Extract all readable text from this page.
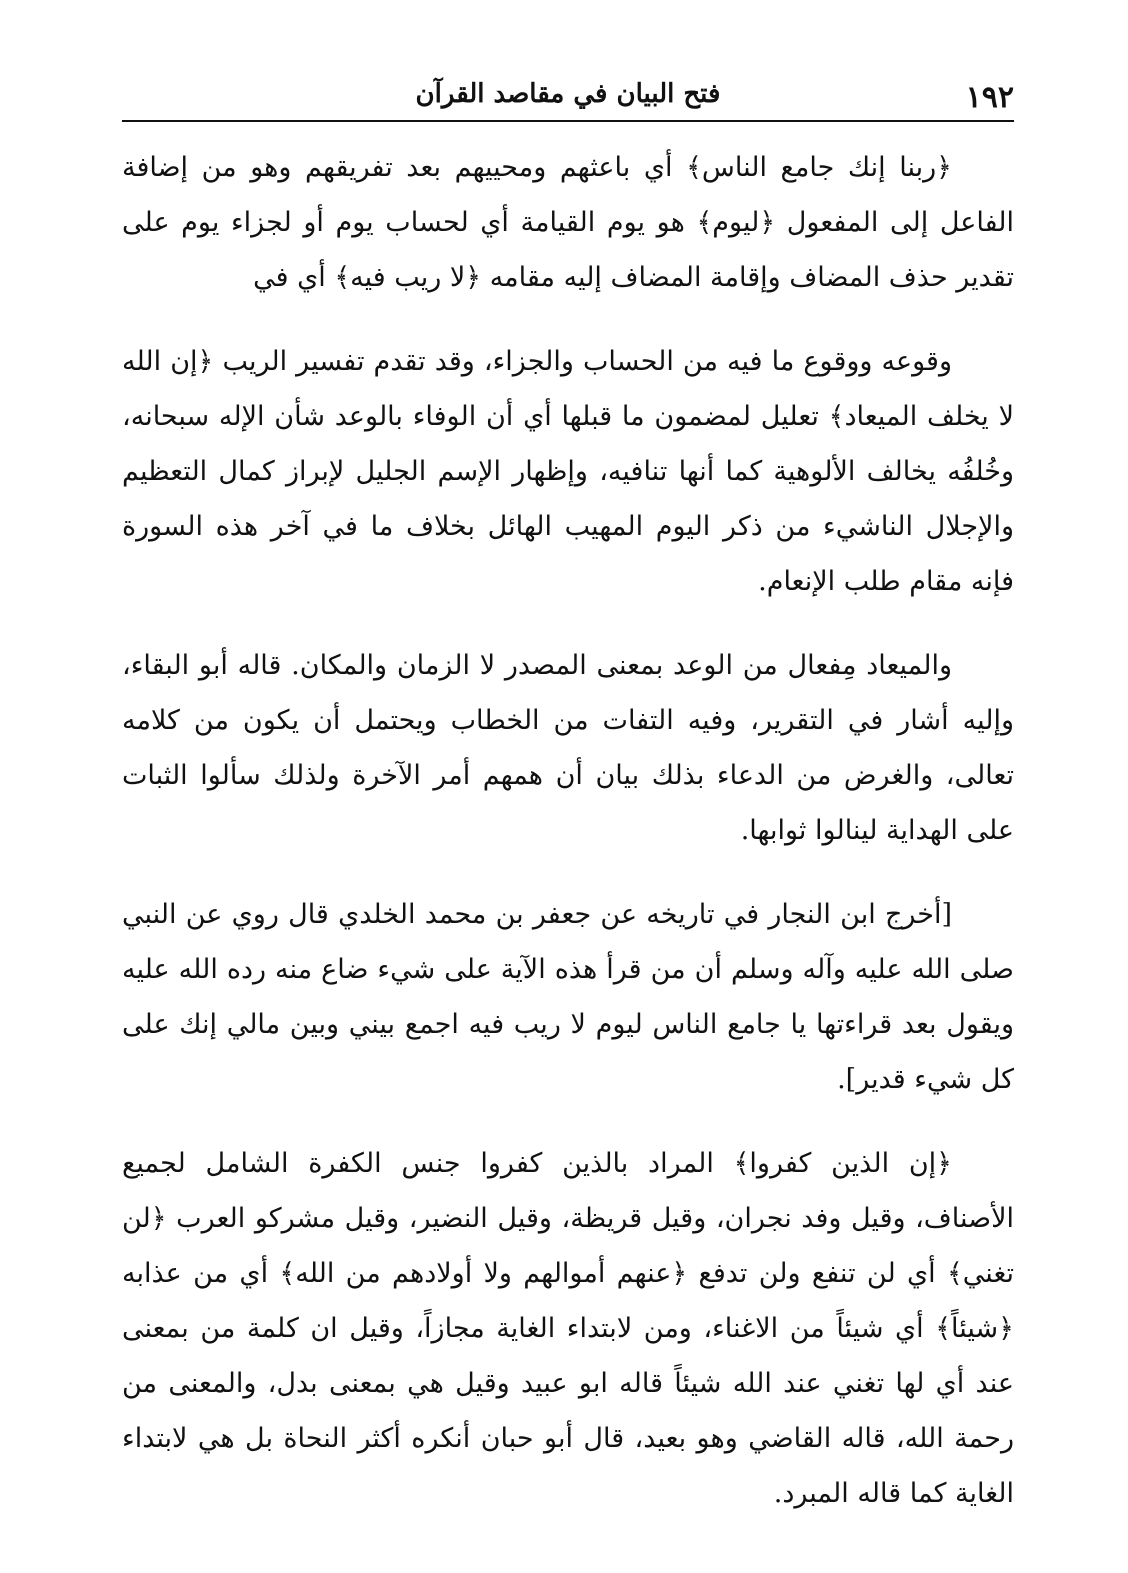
١٩٢
فتح البيان في مقاصد القرآن

﴿ربنا إنك جامع الناس﴾ أي باعثهم ومحييهم بعد تفريقهم وهو من إضافة الفاعل إلى المفعول ﴿ليوم﴾ هو يوم القيامة أي لحساب يوم أو لجزاء يوم على تقدير حذف المضاف وإقامة المضاف إليه مقامه ﴿لا ريب فيه﴾ أي في

وقوعه ووقوع ما فيه من الحساب والجزاء، وقد تقدم تفسير الريب ﴿إن الله لا يخلف الميعاد﴾ تعليل لمضمون ما قبلها أي أن الوفاء بالوعد شأن الإله سبحانه، وخُلفُه يخالف الألوهية كما أنها تنافيه، وإظهار الإسم الجليل لإبراز كمال التعظيم والإجلال الناشيء من ذكر اليوم المهيب الهائل بخلاف ما في آخر هذه السورة فإنه مقام طلب الإنعام.

والميعاد مِفعال من الوعد بمعنى المصدر لا الزمان والمكان. قاله أبو البقاء، وإليه أشار في التقرير، وفيه التفات من الخطاب ويحتمل أن يكون من كلامه تعالى، والغرض من الدعاء بذلك بيان أن همهم أمر الآخرة ولذلك سألوا الثبات على الهداية لينالوا ثوابها.

[أخرج ابن النجار في تاريخه عن جعفر بن محمد الخلدي قال روي عن النبي صلى الله عليه وآله وسلم أن من قرأ هذه الآية على شيء ضاع منه رده الله عليه ويقول بعد قراءتها يا جامع الناس ليوم لا ريب فيه اجمع بيني وبين مالي إنك على كل شيء قدير].

﴿إن الذين كفروا﴾ المراد بالذين كفروا جنس الكفرة الشامل لجميع الأصناف، وقيل وفد نجران، وقيل قريظة، وقيل النضير، وقيل مشركو العرب ﴿لن تغني﴾ أي لن تنفع ولن تدفع ﴿عنهم أموالهم ولا أولادهم من الله﴾ أي من عذابه ﴿شيئاً﴾ أي شيئاً من الاغناء، ومن لابتداء الغاية مجازاً، وقيل ان كلمة من بمعنى عند أي لها تغني عند الله شيئاً قاله ابو عبيد وقيل هي بمعنى بدل، والمعنى من رحمة الله، قاله القاضي وهو بعيد، قال أبو حبان أنكره أكثر النحاة بل هي لابتداء الغاية كما قاله المبرد.
